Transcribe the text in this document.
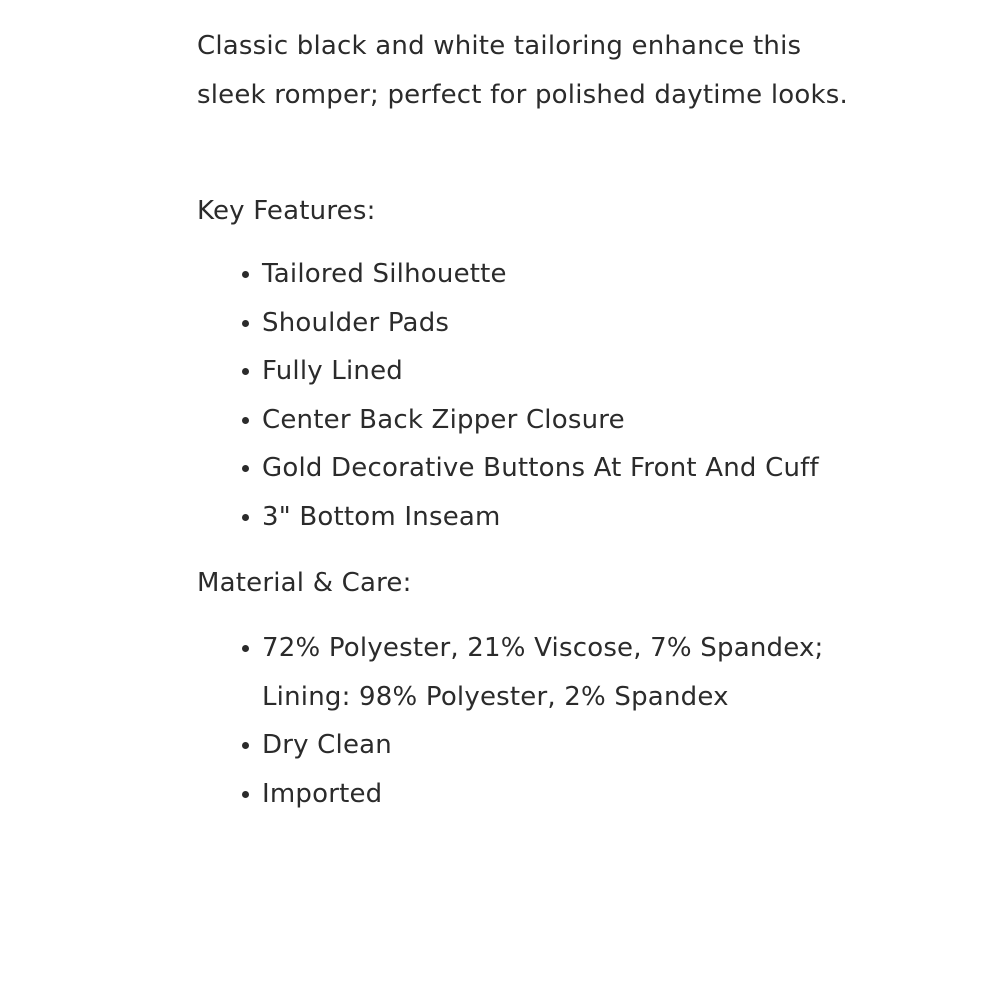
Classic black and white tailoring enhance this sleek romper; perfect for polished daytime looks.

Key Features:
Tailored Silhouette
Shoulder Pads
Fully Lined
Center Back Zipper Closure
Gold Decorative Buttons At Front And Cuff
3" Bottom Inseam
Material & Care:
72% Polyester, 21% Viscose, 7% Spandex; Lining: 98% Polyester, 2% Spandex
Dry Clean
Imported
